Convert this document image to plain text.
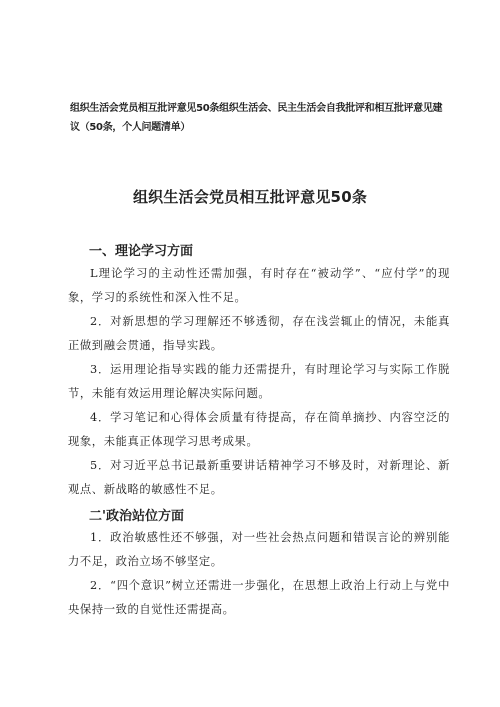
组织生活会党员相互批评意见50条组织生活会、民主生活会自我批评和相互批评意见建议（50条，个人问题清单）
组织生活会党员相互批评意见50条
一、理论学习方面
L理论学习的主动性还需加强，有时存在“被动学”、“应付学”的现象，学习的系统性和深入性不足。
2．对新思想的学习理解还不够透彻，存在浅尝辄止的情况，未能真正做到融会贯通，指导实践。
3．运用理论指导实践的能力还需提升，有时理论学习与实际工作脱节，未能有效运用理论解决实际问题。
4．学习笔记和心得体会质量有待提高，存在简单摘抄、内容空泛的现象，未能真正体现学习思考成果。
5．对习近平总书记最新重要讲话精神学习不够及时，对新理论、新观点、新战略的敏感性不足。
二'政治站位方面
1．政治敏感性还不够强，对一些社会热点问题和错误言论的辨别能力不足，政治立场不够坚定。
2．“四个意识”树立还需进一步强化，在思想上政治上行动上与党中央保持一致的自觉性还需提高。
